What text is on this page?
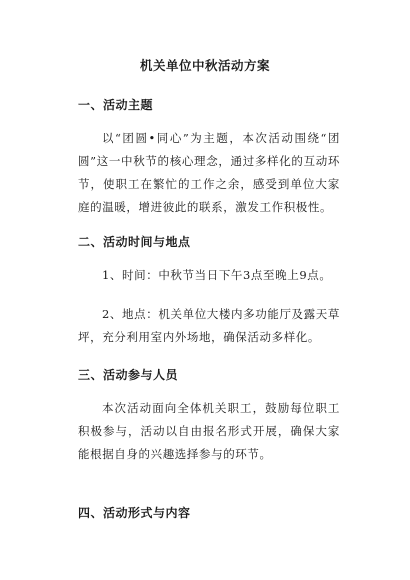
机关单位中秋活动方案
一、活动主题
以“团圆•同心”为主题，本次活动围绕“团圆”这一中秋节的核心理念，通过多样化的互动环节，使职工在繁忙的工作之余，感受到单位大家庭的温暖，增进彼此的联系，激发工作积极性。
二、活动时间与地点
1、时间：中秋节当日下午3点至晚上9点。
2、地点：机关单位大楼内多功能厅及露天草坪，充分利用室内外场地，确保活动多样化。
三、活动参与人员
本次活动面向全体机关职工，鼓励每位职工积极参与，活动以自由报名形式开展，确保大家能根据自身的兴趣选择参与的环节。
四、活动形式与内容
